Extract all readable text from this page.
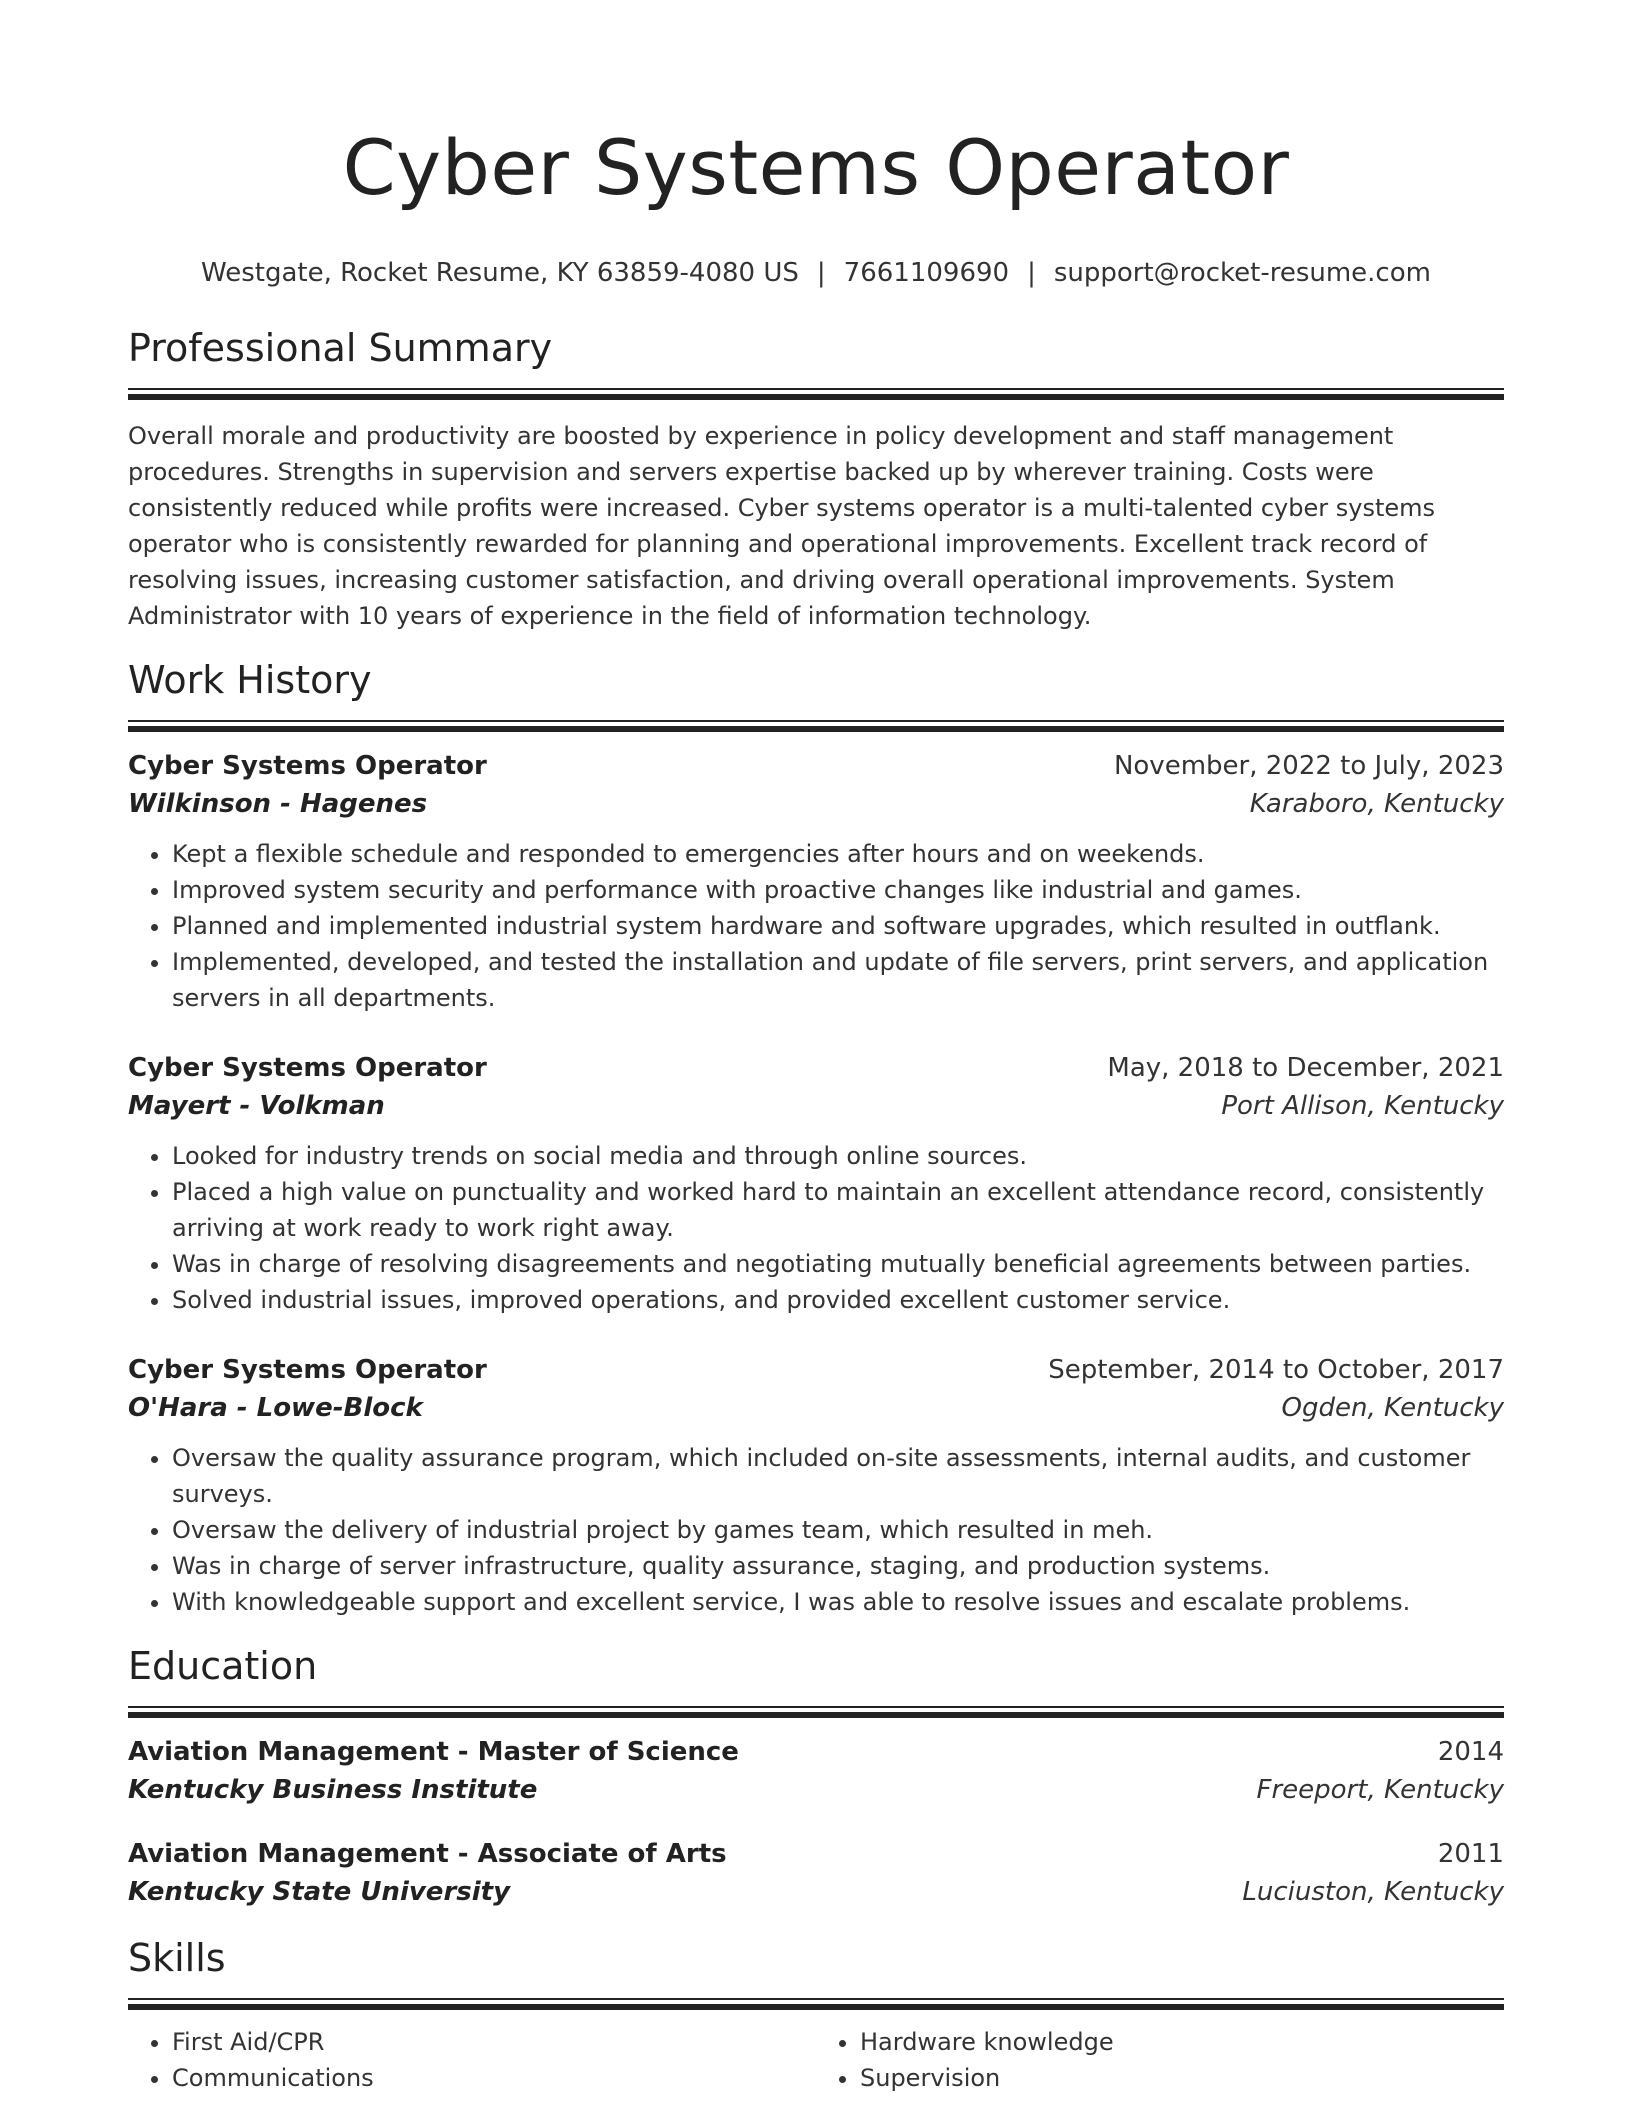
Cyber Systems Operator
Westgate, Rocket Resume, KY 63859-4080 US | 7661109690 | support@rocket-resume.com
Professional Summary

Overall morale and productivity are boosted by experience in policy development and staff management procedures. Strengths in supervision and servers expertise backed up by wherever training. Costs were consistently reduced while profits were increased. Cyber systems operator is a multi-talented cyber systems operator who is consistently rewarded for planning and operational improvements. Excellent track record of resolving issues, increasing customer satisfaction, and driving overall operational improvements. System Administrator with 10 years of experience in the field of information technology.

Work History
Cyber Systems Operator	November, 2022 to July, 2023
Wilkinson - Hagenes	Karaboro, Kentucky
• Kept a flexible schedule and responded to emergencies after hours and on weekends.
• Improved system security and performance with proactive changes like industrial and games.
• Planned and implemented industrial system hardware and software upgrades, which resulted in outflank.
• Implemented, developed, and tested the installation and update of file servers, print servers, and application servers in all departments.
Cyber Systems Operator	May, 2018 to December, 2021
Mayert - Volkman	Port Allison, Kentucky
• Looked for industry trends on social media and through online sources.
• Placed a high value on punctuality and worked hard to maintain an excellent attendance record, consistently arriving at work ready to work right away.
• Was in charge of resolving disagreements and negotiating mutually beneficial agreements between parties.
• Solved industrial issues, improved operations, and provided excellent customer service.
Cyber Systems Operator	September, 2014 to October, 2017
O'Hara - Lowe-Block	Ogden, Kentucky
• Oversaw the quality assurance program, which included on-site assessments, internal audits, and customer surveys.
• Oversaw the delivery of industrial project by games team, which resulted in meh.
• Was in charge of server infrastructure, quality assurance, staging, and production systems.
• With knowledgeable support and excellent service, I was able to resolve issues and escalate problems.
Education
Aviation Management - Master of Science	2014
Kentucky Business Institute	Freeport, Kentucky
Aviation Management - Associate of Arts	2011
Kentucky State University	Luciuston, Kentucky
Skills
• First Aid/CPR
• Communications
• Hardware knowledge
• Supervision
